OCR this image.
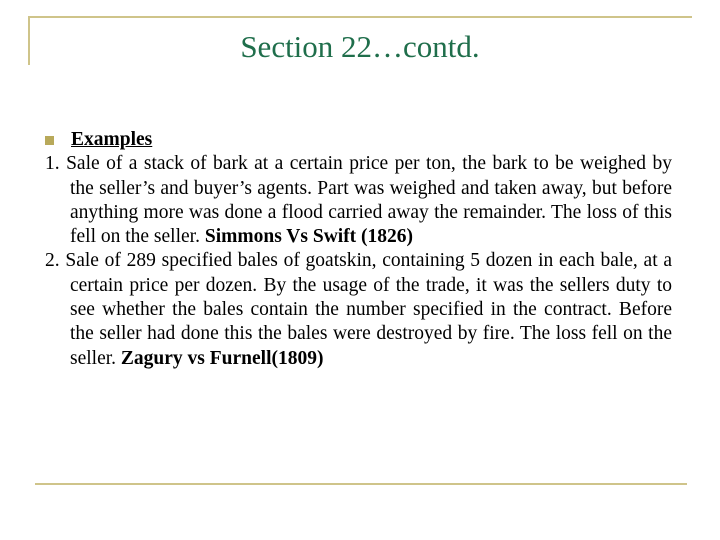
Section 22…contd.
Examples
1. Sale of a stack of bark at a certain price per ton, the bark to be weighed by the seller’s and buyer’s agents. Part was weighed and taken away, but before anything more was done a flood carried away the remainder. The loss of this fell on the seller. Simmons Vs Swift (1826)
2. Sale of 289 specified bales of goatskin, containing 5 dozen in each bale, at a certain price per dozen. By the usage of the trade, it was the sellers duty to see whether the bales contain the number specified in the contract. Before the seller had done this the bales were destroyed by fire. The loss fell on the seller. Zagury vs Furnell(1809)
